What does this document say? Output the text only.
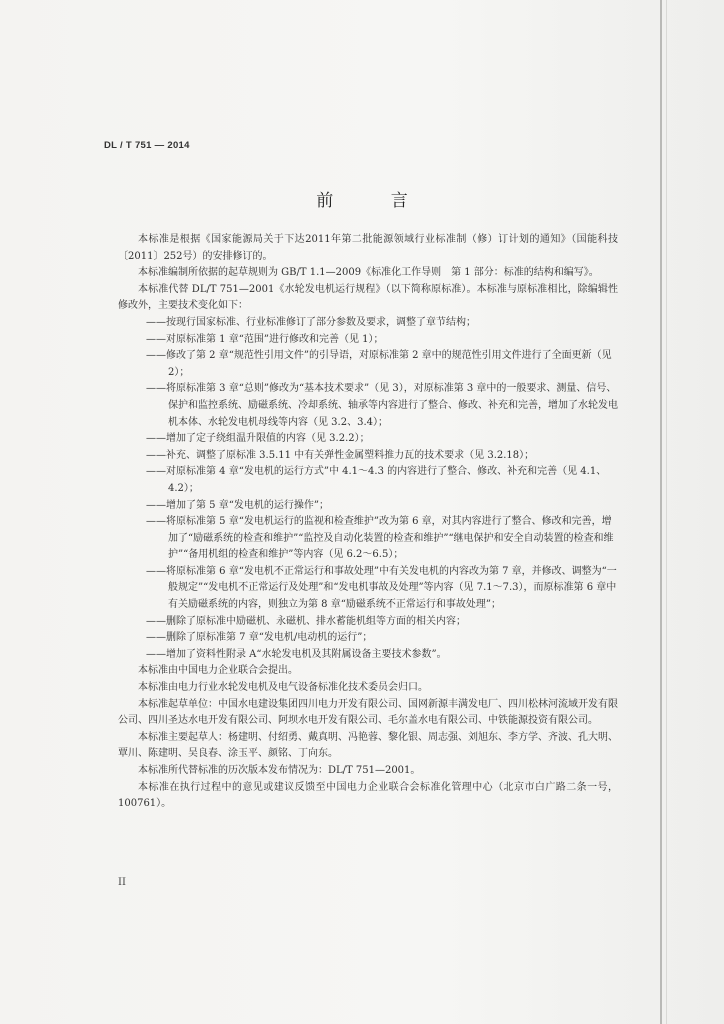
DL / T 751 — 2014
前 言

本标准是根据《国家能源局关于下达2011年第二批能源领域行业标准制（修）订计划的通知》（国能科技〔2011〕252号）的安排修订的。

本标准编制所依据的起草规则为 GB/T 1.1—2009《标准化工作导则　第 1 部分：标准的结构和编写》。

本标准代替 DL/T 751—2001《水轮发电机运行规程》（以下简称原标准）。本标准与原标准相比，除编辑性修改外，主要技术变化如下：

——按现行国家标准、行业标准修订了部分参数及要求，调整了章节结构；

——对原标准第 1 章“范围”进行修改和完善（见 1）；

——修改了第 2 章“规范性引用文件”的引导语，对原标准第 2 章中的规范性引用文件进行了全面更新（见 2）；

——将原标准第 3 章“总则”修改为“基本技术要求”（见 3），对原标准第 3 章中的一般要求、测量、信号、保护和监控系统、励磁系统、冷却系统、轴承等内容进行了整合、修改、补充和完善，增加了水轮发电机本体、水轮发电机母线等内容（见 3.2、3.4）；

——增加了定子绕组温升限值的内容（见 3.2.2）；

——补充、调整了原标准 3.5.11 中有关弹性金属塑料推力瓦的技术要求（见 3.2.18）；

——对原标准第 4 章“发电机的运行方式”中 4.1～4.3 的内容进行了整合、修改、补充和完善（见 4.1、4.2）；

——增加了第 5 章“发电机的运行操作”；

——将原标准第 5 章“发电机运行的监视和检查维护”改为第 6 章，对其内容进行了整合、修改和完善，增加了“励磁系统的检查和维护”“监控及自动化装置的检查和维护”“继电保护和安全自动装置的检查和维护”“备用机组的检查和维护”等内容（见 6.2～6.5）；

——将原标准第 6 章“发电机不正常运行和事故处理”中有关发电机的内容改为第 7 章，并修改、调整为“一般规定”“发电机不正常运行及处理”和“发电机事故及处理”等内容（见 7.1～7.3），而原标准第 6 章中有关励磁系统的内容，则独立为第 8 章“励磁系统不正常运行和事故处理”；

——删除了原标准中励磁机、永磁机、排水蓄能机组等方面的相关内容；

——删除了原标准第 7 章“发电机/电动机的运行”；

——增加了资料性附录 A“水轮发电机及其附属设备主要技术参数”。

本标准由中国电力企业联合会提出。

本标准由电力行业水轮发电机及电气设备标准化技术委员会归口。

本标准起草单位：中国水电建设集团四川电力开发有限公司、国网新源丰满发电厂、四川松林河流域开发有限公司、四川圣达水电开发有限公司、阿坝水电开发有限公司、毛尔盖水电有限公司、中铁能源投资有限公司。

本标准主要起草人：杨建明、付绍勇、戴真明、冯艳蓉、黎化银、周志强、刘旭东、李方学、齐波、孔大明、覃川、陈建明、吴良春、涂玉平、颜铭、丁向东。

本标准所代替标准的历次版本发布情况为：DL/T 751—2001。

本标准在执行过程中的意见或建议反馈至中国电力企业联合会标准化管理中心（北京市白广路二条一号，100761）。

II
